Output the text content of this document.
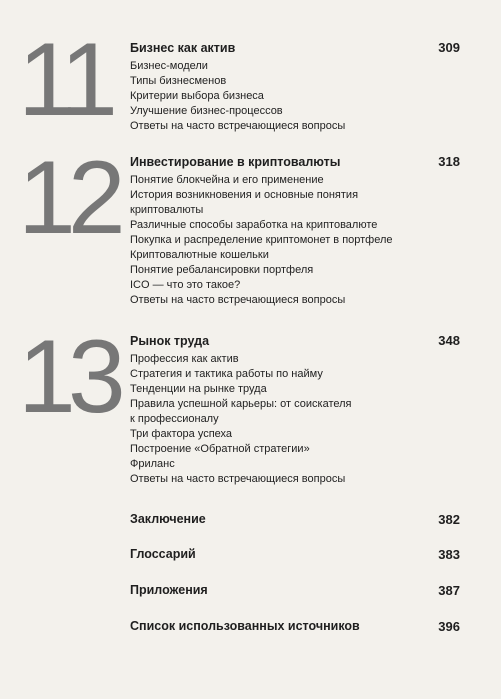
11 Бизнес как актив	309
Бизнес-модели
Типы бизнесменов
Критерии выбора бизнеса
Улучшение бизнес-процессов
Ответы на часто встречающиеся вопросы
12 Инвестирование в криптовалюты	318
Понятие блокчейна и его применение
История возникновения и основные понятия
криптовалюты
Различные способы заработка на криптовалюте
Покупка и распределение криптомонет в портфеле
Криптовалютные кошельки
Понятие ребалансировки портфеля
ICO — что это такое?
Ответы на часто встречающиеся вопросы
13 Рынок труда	348
Профессия как актив
Стратегия и тактика работы по найму
Тенденции на рынке труда
Правила успешной карьеры: от соискателя
к профессионалу
Три фактора успеха
Построение «Обратной стратегии»
Фриланс
Ответы на часто встречающиеся вопросы
Заключение	382
Глоссарий	383
Приложения	387
Список использованных источников	396
